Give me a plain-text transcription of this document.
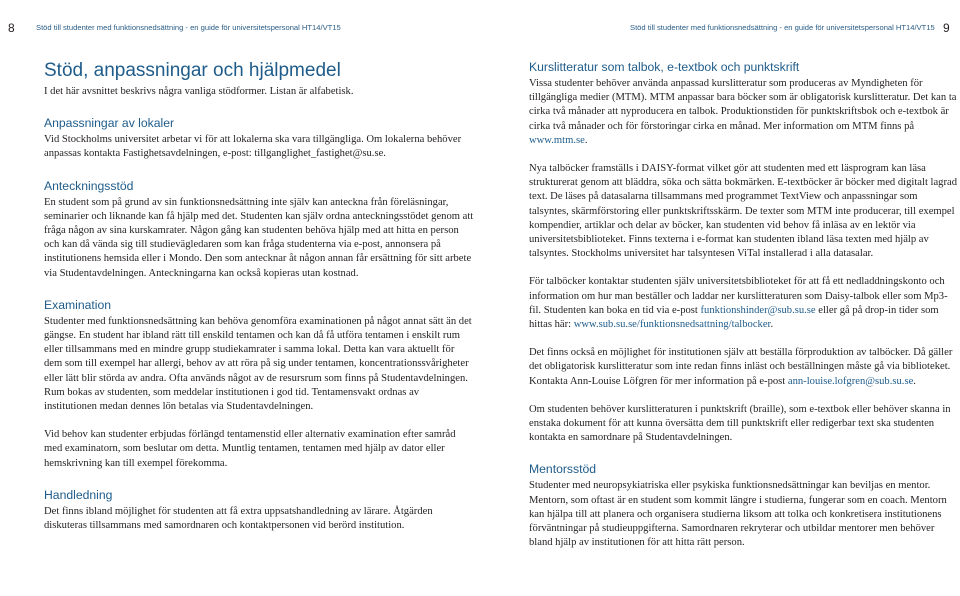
8	Stöd till studenter med funktionsnedsättning - en guide för universitetspersonal HT14/VT15	Stöd till studenter med funktionsnedsättning - en guide för universitetspersonal HT14/VT15 9
Stöd, anpassningar och hjälpmedel

I det här avsnittet beskrivs några vanliga stödformer. Listan är alfabetisk.

Anpassningar av lokaler

Vid Stockholms universitet arbetar vi för att lokalerna ska vara tillgängliga. Om lokalerna behöver anpassas kontakta Fastighetsavdelningen, e-post: tillganglighet_fastighet@su.se.

Anteckningsstöd

En student som på grund av sin funktionsnedsättning inte själv kan anteckna från föreläsningar, seminarier och liknande kan få hjälp med det. Studenten kan själv ordna anteckningsstödet genom att fråga någon av sina kurskamrater. Någon gång kan studenten behöva hjälp med att hitta en person och kan då vända sig till studievägledaren som kan fråga studenterna via e-post, annonsera på institutionens hemsida eller i Mondo. Den som antecknar åt någon annan får ersättning för sitt arbete via Studentavdelningen. Anteckningarna kan också kopieras utan kostnad.

Examination

Studenter med funktionsnedsättning kan behöva genomföra examinationen på något annat sätt än det gängse. En student har ibland rätt till enskild tentamen och kan då få utföra tentamen i enskilt rum eller tillsammans med en mindre grupp studiekamrater i samma lokal. Detta kan vara aktuellt för dem som till exempel har allergi, behov av att röra på sig under tentamen, koncentrationssvårigheter eller lätt blir störda av andra. Ofta används något av de resursrum som finns på Studentavdelningen. Rum bokas av studenten, som meddelar institutionen i god tid. Tentamensvakt ordnas av institutionen medan dennes lön betalas via Studentavdelningen.

Vid behov kan studenter erbjudas förlängd tentamenstid eller alternativ examination efter samråd med examinatorn, som beslutar om detta. Muntlig tentamen, tentamen med hjälp av dator eller hemskrivning kan till exempel förekomma.

Handledning

Det finns ibland möjlighet för studenten att få extra uppsatshandledning av lärare. Åtgärden diskuteras tillsammans med samordnaren och kontaktpersonen vid berörd institution.

Kurslitteratur som talbok, e-textbok och punktskrift

Vissa studenter behöver använda anpassad kurslitteratur som produceras av Myndigheten för tillgängliga medier (MTM). MTM anpassar bara böcker som är obligatorisk kurslitteratur. Det kan ta cirka två månader att nyproducera en talbok. Produktionstiden för punktskriftsbok och e-textbok är cirka två månader och för förstoringar cirka en månad. Mer information om MTM finns på www.mtm.se.

Nya talböcker framställs i DAISY-format vilket gör att studenten med ett läsprogram kan läsa strukturerat genom att bläddra, söka och sätta bokmärken. E-textböcker är böcker med digitalt lagrad text. De läses på datasalarna tillsammans med programmet TextView och anpassningar som talsyntes, skärmförstoring eller punktskriftsskärm. De texter som MTM inte producerar, till exempel kompendier, artiklar och delar av böcker, kan studenten vid behov få inläsa av en lektör via universitetsbiblioteket. Finns texterna i e-format kan studenten ibland läsa texten med hjälp av talsyntes. Stockholms universitet har talsyntesen ViTal installerad i alla datasalar.

För talböcker kontaktar studenten själv universitetsbiblioteket för att få ett nedladdningskonto och information om hur man beställer och laddar ner kurslitteraturen som Daisy-talbok eller som Mp3-fil. Studenten kan boka en tid via e-post funktionshinder@sub.su.se eller gå på drop-in tider som hittas här: www.sub.su.se/funktionsnedsattning/talbocker.

Det finns också en möjlighet för institutionen själv att beställa förproduktion av talböcker. Då gäller det obligatorisk kurslitteratur som inte redan finns inläst och beställningen måste gå via biblioteket. Kontakta Ann-Louise Löfgren för mer information på e-post ann-louise.lofgren@sub.su.se.

Om studenten behöver kurslitteraturen i punktskrift (braille), som e-textbok eller behöver skanna in enstaka dokument för att kunna översätta dem till punktskrift eller redigerbar text ska studenten kontakta en samordnare på Studentavdelningen.

Mentorsstöd

Studenter med neuropsykiatriska eller psykiska funktionsnedsättningar kan beviljas en mentor. Mentorn, som oftast är en student som kommit längre i studierna, fungerar som en coach. Mentorn kan hjälpa till att planera och organisera studierna liksom att tolka och konkretisera institutionens förväntningar på studieuppgifterna. Samordnaren rekryterar och utbildar mentorer men behöver bland hjälp av institutionen för att hitta rätt person.
